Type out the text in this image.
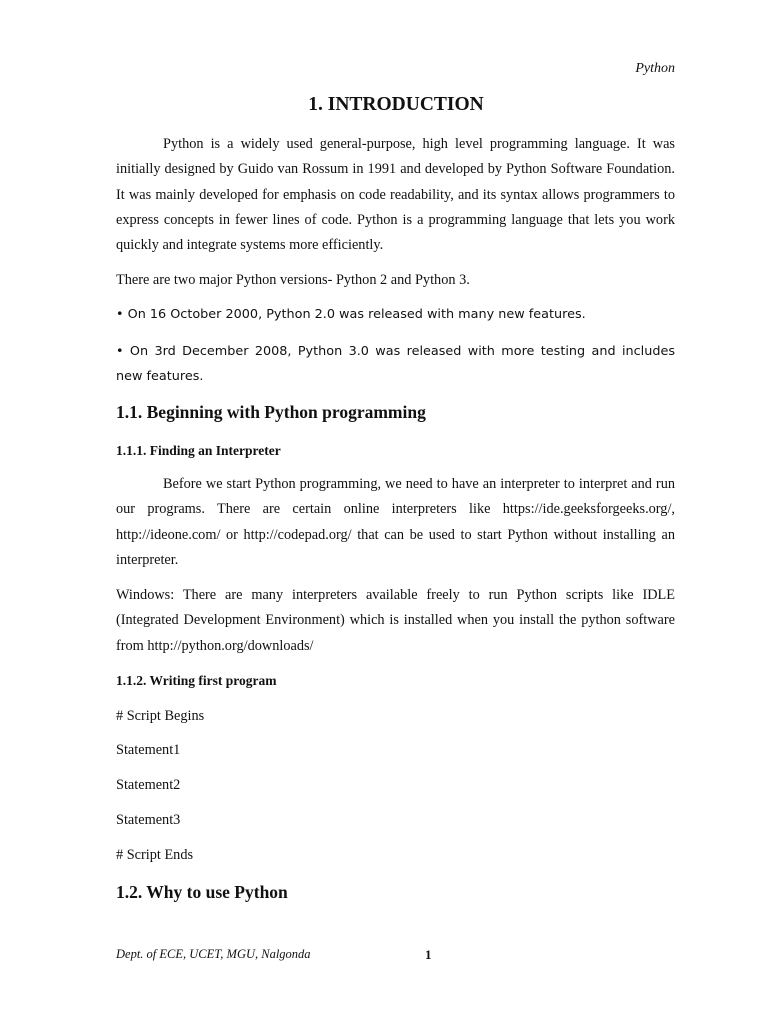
Python
1. INTRODUCTION
Python is a widely used general-purpose, high level programming language. It was initially designed by Guido van Rossum in 1991 and developed by Python Software Foundation. It was mainly developed for emphasis on code readability, and its syntax allows programmers to express concepts in fewer lines of code. Python is a programming language that lets you work quickly and integrate systems more efficiently.
There are two major Python versions- Python 2 and Python 3.
• On 16 October 2000, Python 2.0 was released with many new features.
• On 3rd December 2008, Python 3.0 was released with more testing and includes new features.
1.1. Beginning with Python programming
1.1.1. Finding an Interpreter
Before we start Python programming, we need to have an interpreter to interpret and run our programs. There are certain online interpreters like https://ide.geeksforgeeks.org/, http://ideone.com/ or http://codepad.org/ that can be used to start Python without installing an interpreter.
Windows: There are many interpreters available freely to run Python scripts like IDLE (Integrated Development Environment) which is installed when you install the python software from http://python.org/downloads/
1.1.2. Writing first program
# Script Begins
Statement1
Statement2
Statement3
# Script Ends
1.2. Why to use Python
Dept. of ECE, UCET, MGU, Nalgonda	1
